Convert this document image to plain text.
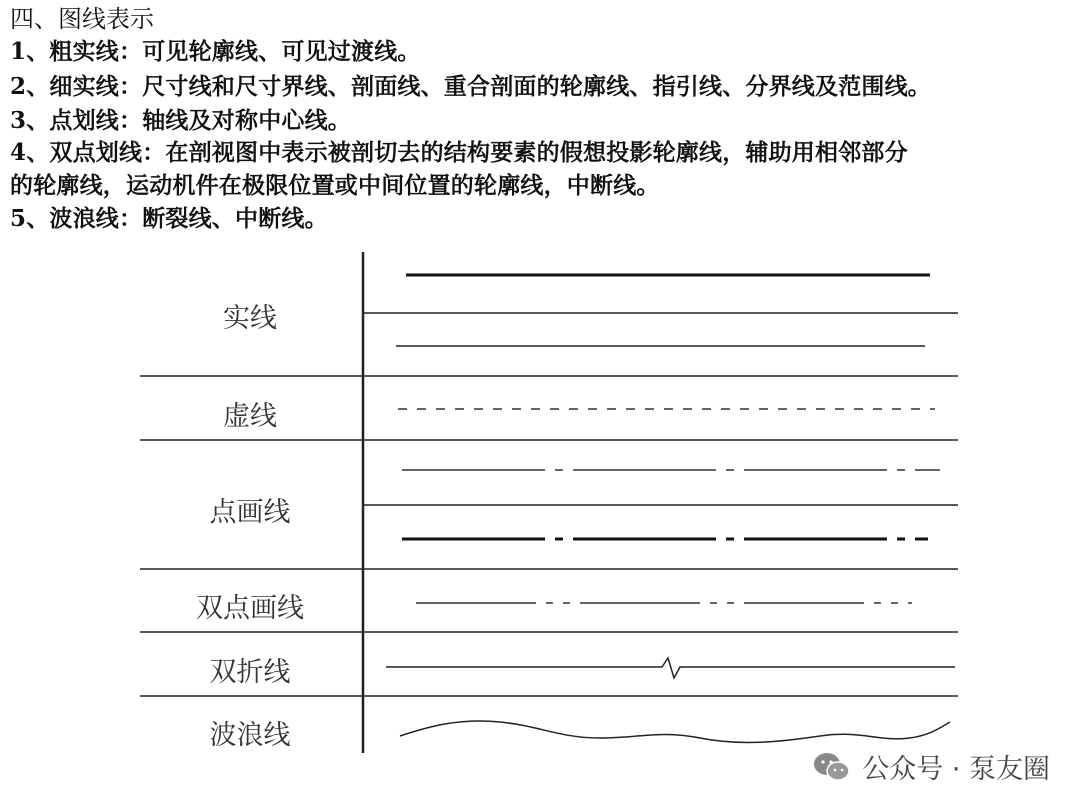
四、图线表示
1、粗实线：可见轮廓线、可见过渡线。
2、细实线：尺寸线和尺寸界线、剖面线、重合剖面的轮廓线、指引线、分界线及范围线。
3、点划线：轴线及对称中心线。
4、双点划线：在剖视图中表示被剖切去的结构要素的假想投影轮廓线，辅助用相邻部分
的轮廓线，运动机件在极限位置或中间位置的轮廓线，中断线。
5、波浪线：断裂线、中断线。
实线
虚线
点画线
双点画线
双折线
波浪线
公众号 · 泵友圈
